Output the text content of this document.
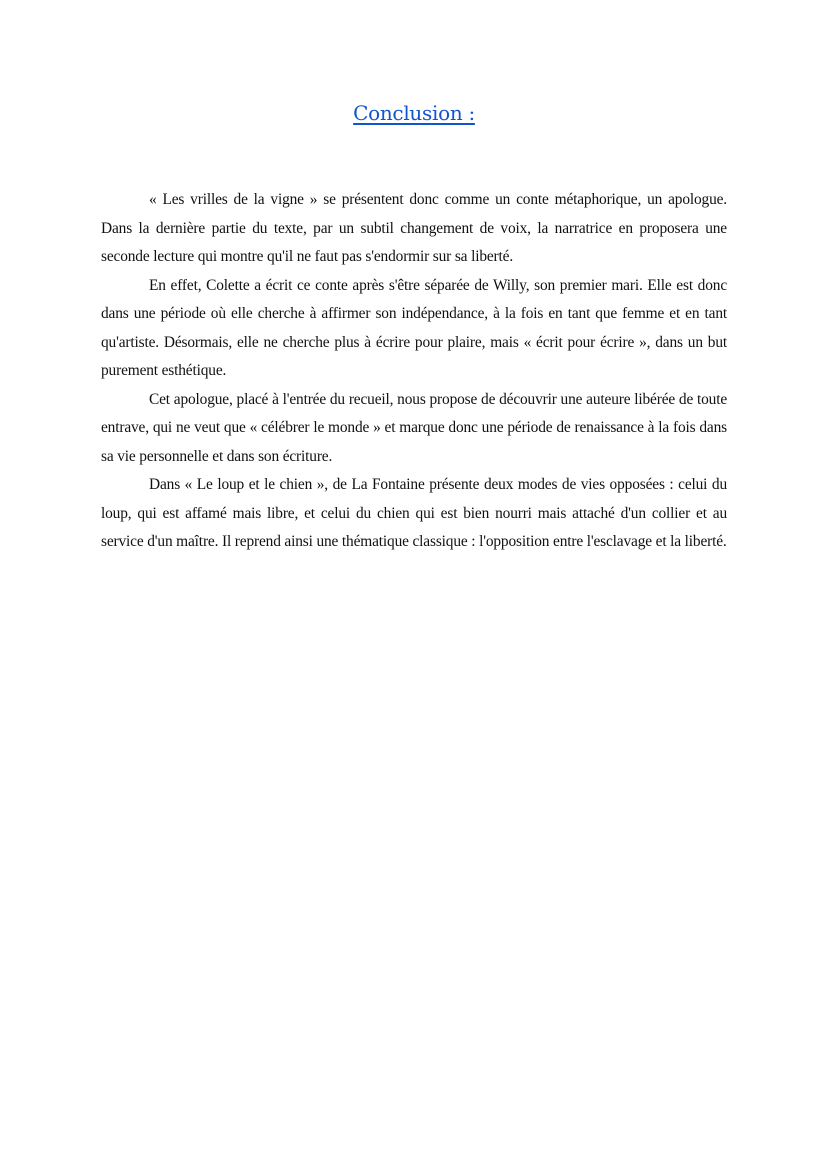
Conclusion :

« Les vrilles de la vigne » se présentent donc comme un conte métaphorique, un apologue. Dans la dernière partie du texte, par un subtil changement de voix, la narratrice en proposera une seconde lecture qui montre qu'il ne faut pas s'endormir sur sa liberté.

En effet, Colette a écrit ce conte après s'être séparée de Willy, son premier mari. Elle est donc dans une période où elle cherche à affirmer son indépendance, à la fois en tant que femme et en tant qu'artiste. Désormais, elle ne cherche plus à écrire pour plaire, mais « écrit pour écrire », dans un but purement esthétique.

Cet apologue, placé à l'entrée du recueil, nous propose de découvrir une auteure libérée de toute entrave, qui ne veut que « célébrer le monde » et marque donc une période de renaissance à la fois dans sa vie personnelle et dans son écriture.

Dans « Le loup et le chien », de La Fontaine présente deux modes de vies opposées : celui du loup, qui est affamé mais libre, et celui du chien qui est bien nourri mais attaché d'un collier et au service d'un maître. Il reprend ainsi une thématique classique : l'opposition entre l'esclavage et la liberté.
